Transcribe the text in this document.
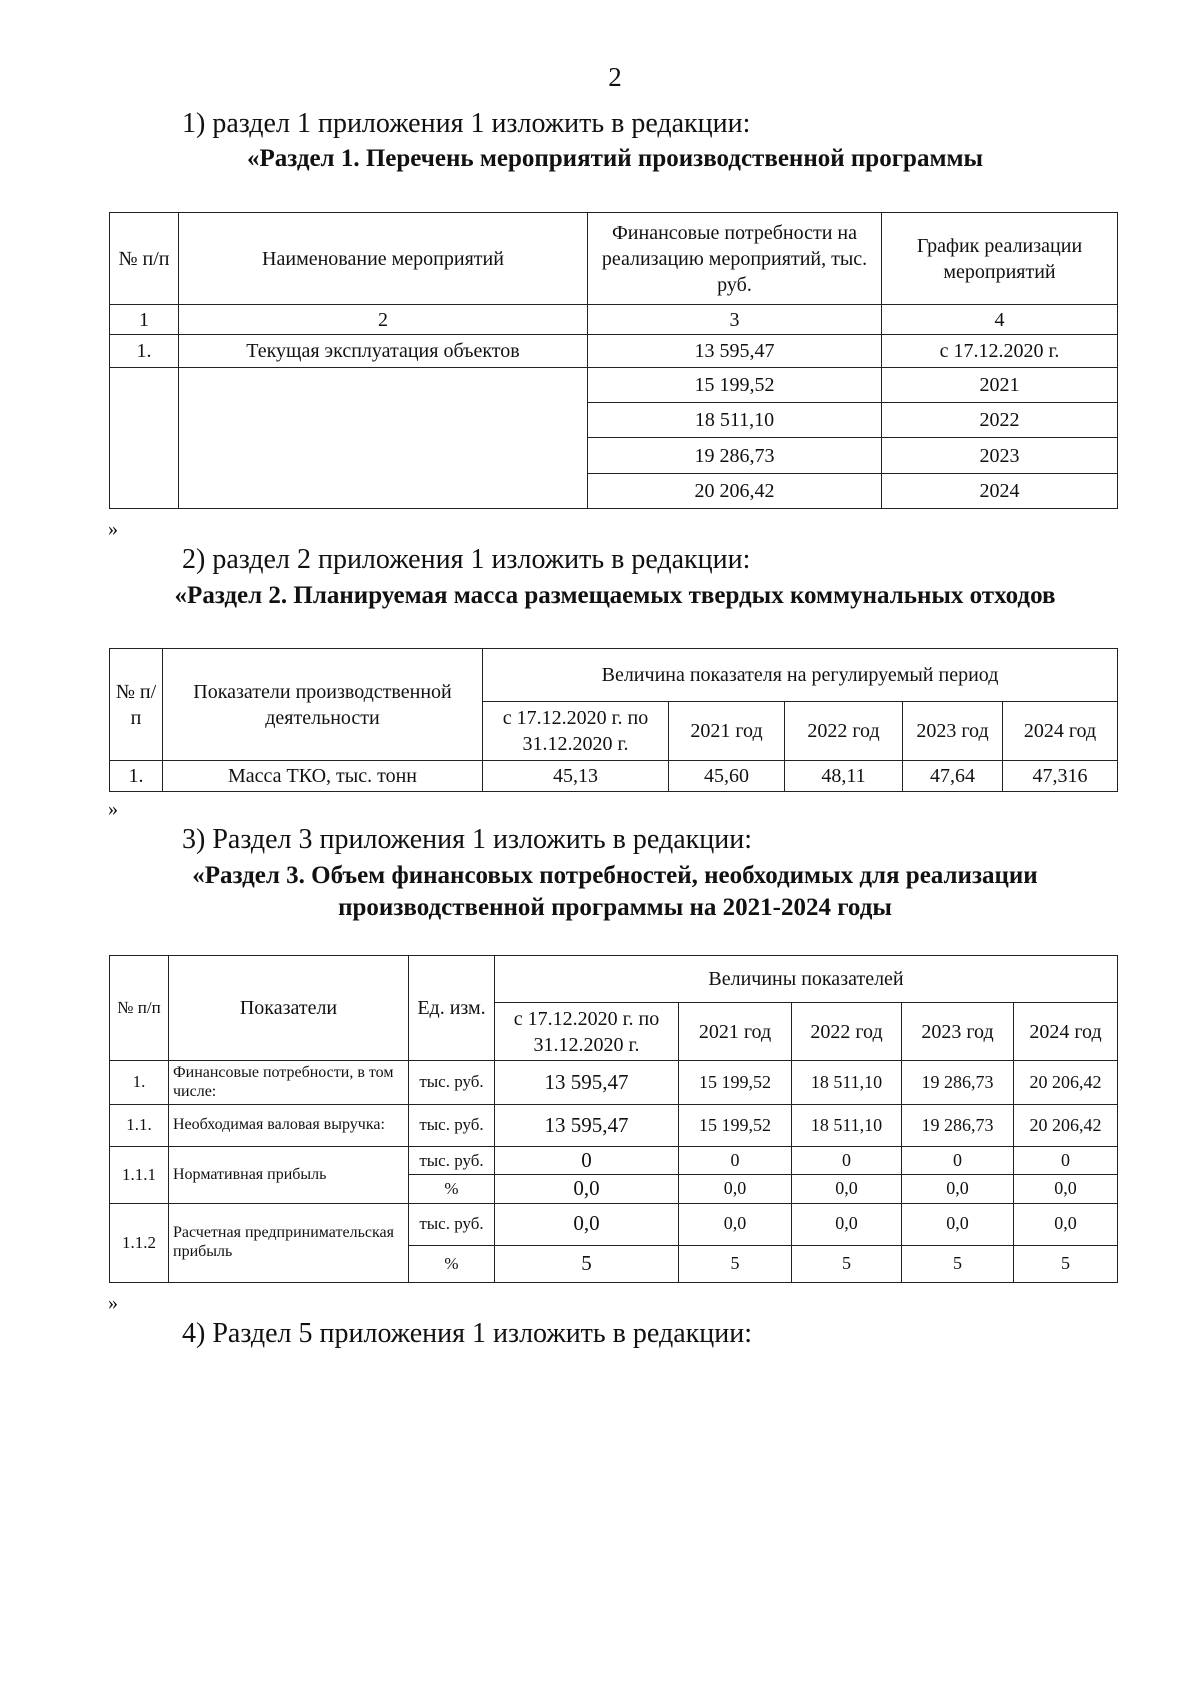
2
1) раздел 1 приложения 1 изложить в редакции:
«Раздел 1. Перечень мероприятий производственной программы
№ п/п	Наименование мероприятий	Финансовые потребности на реализацию мероприятий, тыс. руб.	График реализации мероприятий
1	2	3	4
1.	Текущая эксплуатация объектов	13 595,47	с 17.12.2020 г.
		15 199,52	2021
		18 511,10	2022
		19 286,73	2023
		20 206,42	2024
»
2) раздел 2 приложения 1 изложить в редакции:
«Раздел 2. Планируемая масса размещаемых твердых коммунальных отходов
№ п/п	Показатели производственной деятельности	Величина показателя на регулируемый период				
		с 17.12.2020 г. по 31.12.2020 г.	2021 год	2022 год	2023 год	2024 год
1.	Масса ТКО, тыс. тонн	45,13	45,60	48,11	47,64	47,316
»
3) Раздел 3 приложения 1 изложить в редакции:
«Раздел 3. Объем финансовых потребностей, необходимых для реализации
производственной программы на 2021-2024 годы
№ п/п	Показатели	Ед. изм.	Величины показателей				
			с 17.12.2020 г. по 31.12.2020 г.	2021 год	2022 год	2023 год	2024 год
1.	Финансовые потребности, в том числе:	тыс. руб.	13 595,47	15 199,52	18 511,10	19 286,73	20 206,42
1.1.	Необходимая валовая выручка:	тыс. руб.	13 595,47	15 199,52	18 511,10	19 286,73	20 206,42
1.1.1	Нормативная прибыль	тыс. руб.	0	0	0	0	0
		%	0,0	0,0	0,0	0,0	0,0
1.1.2	Расчетная предпринимательская прибыль	тыс. руб.	0,0	0,0	0,0	0,0	0,0
		%	5	5	5	5	5
»
4) Раздел 5 приложения 1 изложить в редакции:
